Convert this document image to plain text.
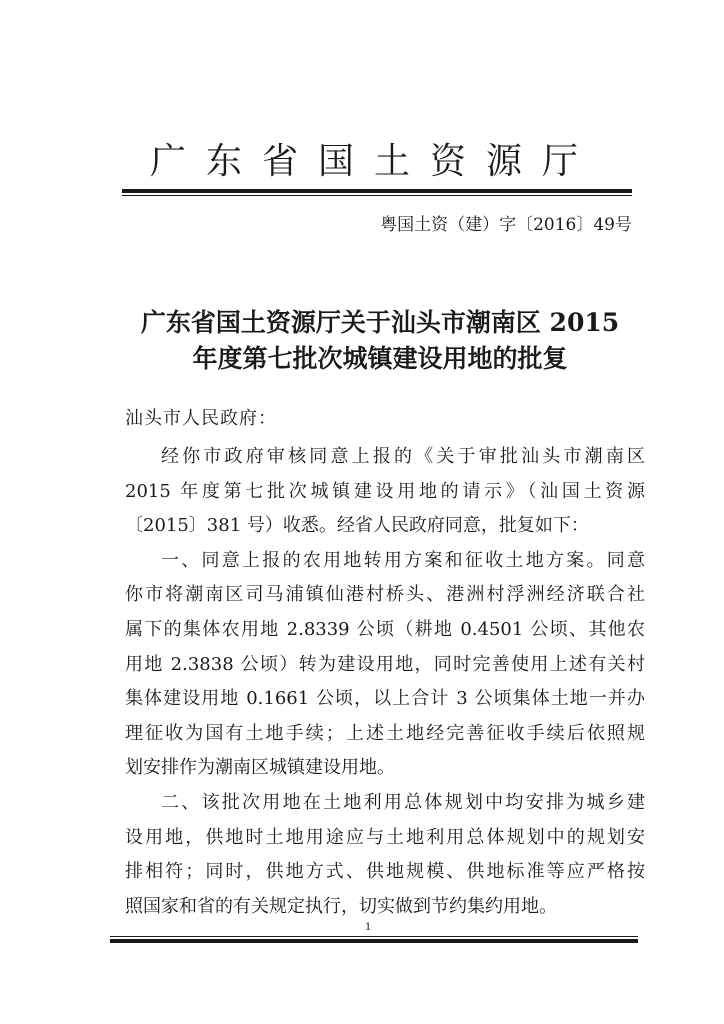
广东省国土资源厅
粤国土资（建）字〔2016〕49号
广东省国土资源厅关于汕头市潮南区 2015
年度第七批次城镇建设用地的批复
汕头市人民政府：
经你市政府审核同意上报的《关于审批汕头市潮南区
2015 年度第七批次城镇建设用地的请示》（汕国土资源
〔2015〕381 号）收悉。经省人民政府同意，批复如下：
一、同意上报的农用地转用方案和征收土地方案。同意
你市将潮南区司马浦镇仙港村桥头、港洲村浮洲经济联合社
属下的集体农用地 2.8339 公顷（耕地 0.4501 公顷、其他农
用地 2.3838 公顷）转为建设用地，同时完善使用上述有关村
集体建设用地 0.1661 公顷，以上合计 3 公顷集体土地一并办
理征收为国有土地手续；上述土地经完善征收手续后依照规
划安排作为潮南区城镇建设用地。
二、该批次用地在土地利用总体规划中均安排为城乡建
设用地，供地时土地用途应与土地利用总体规划中的规划安
排相符；同时，供地方式、供地规模、供地标准等应严格按
照国家和省的有关规定执行，切实做到节约集约用地。
1
